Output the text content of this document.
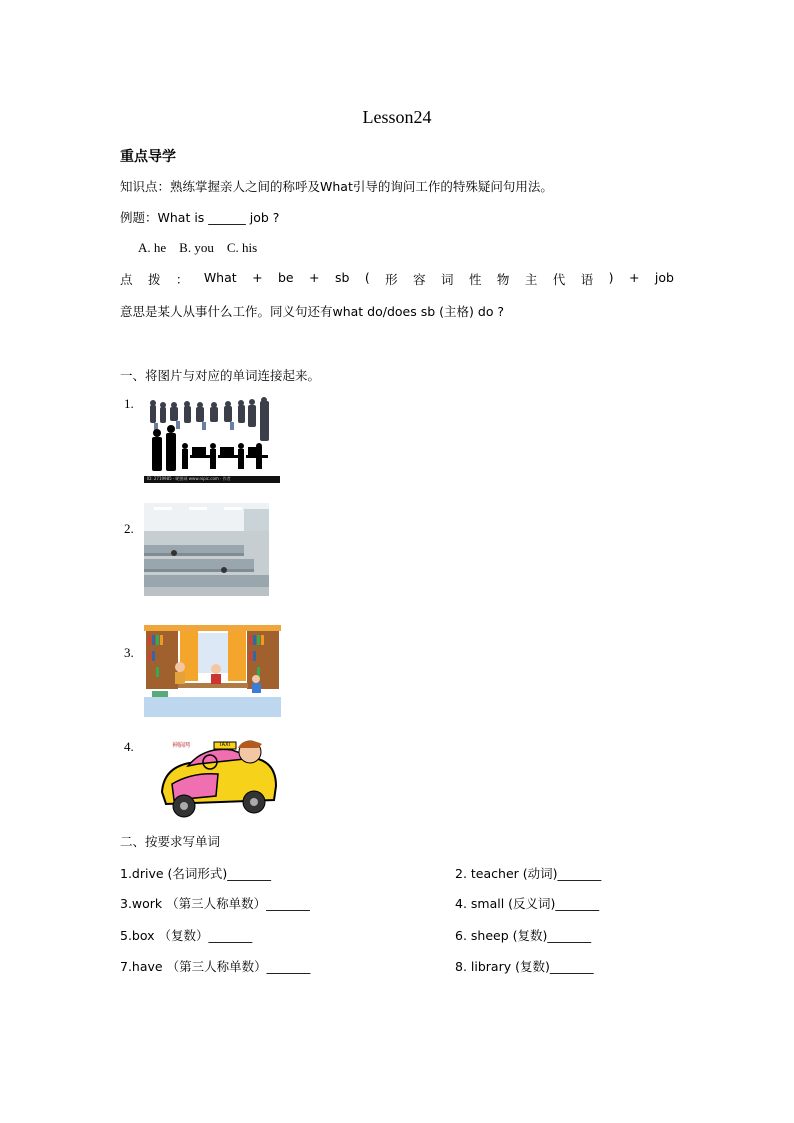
Lesson24
重点导学
知识点：熟练掌握亲人之间的称呼及What引导的询问工作的特殊疑问句用法。
例题：What is ______ job ?
A. he    B. you    C. his
点 拨 ： What + be + sb ( 形 容 词 性 物 主 代 语 ) + job
意思是某人从事什么工作。同义句还有what do/does sb (主格) do ?
一、将图片与对应的单词连接起来。
1.
ID: 2719985 · 昵图网 www.nipic.com · 作者
2.
3.
4.	TAXI
神脑网
二、按要求写单词
1.drive (名词形式)_______	2. teacher (动词)_______
3.work （第三人称单数）_______	4. small (反义词)_______
5.box （复数）_______	6. sheep (复数)_______
7.have （第三人称单数）_______	8. library (复数)_______
